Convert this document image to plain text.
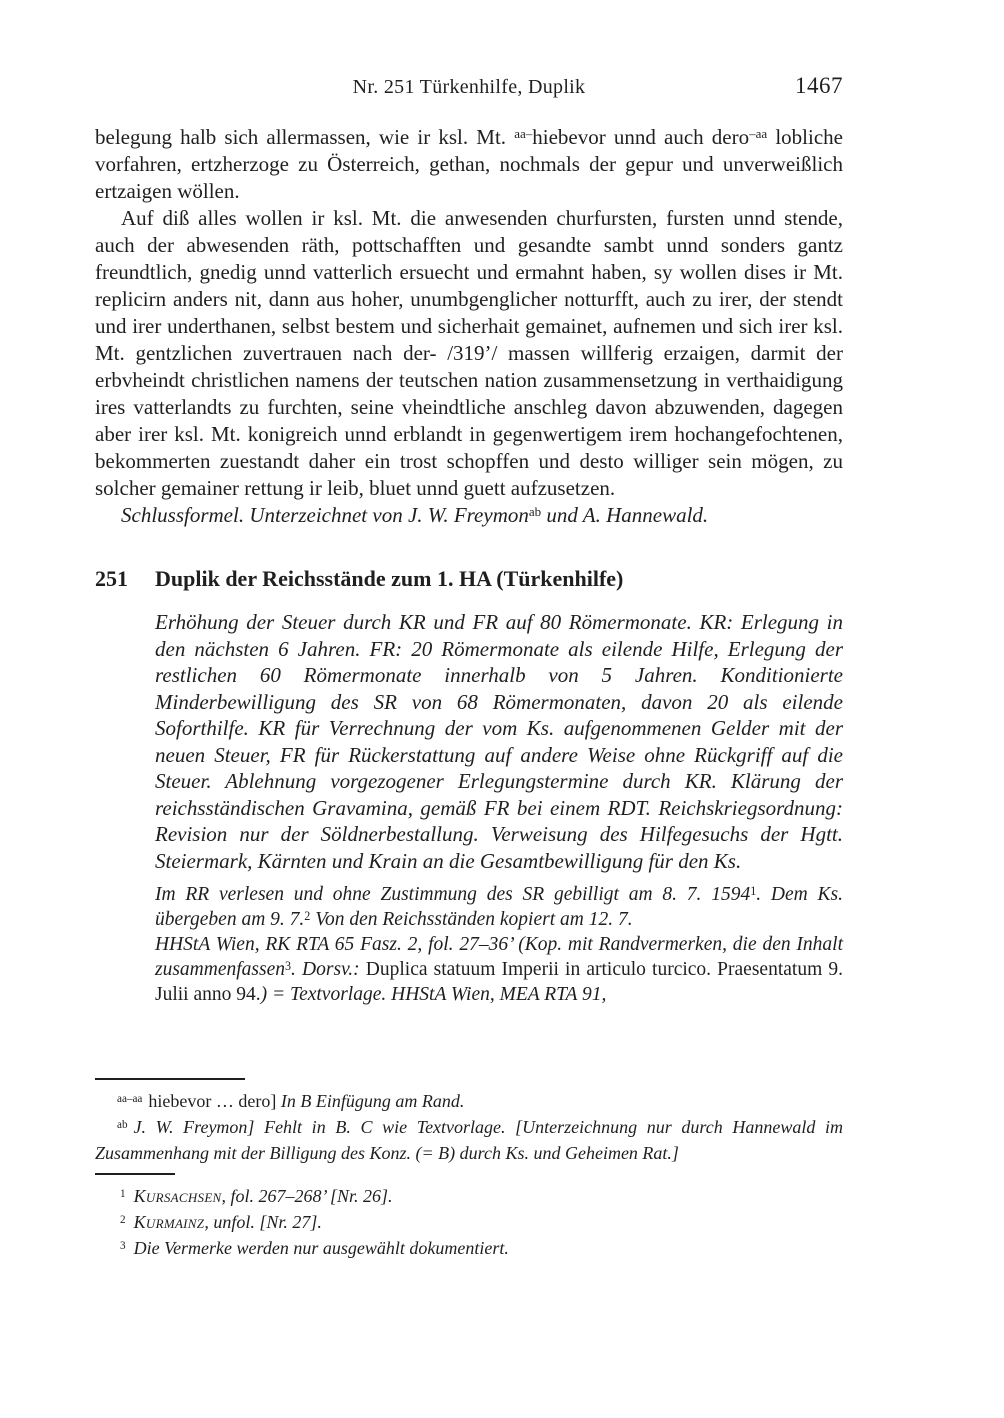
Nr. 251 Türkenhilfe, Duplik	1467

belegung halb sich allermassen, wie ir ksl. Mt. $^{aa-}$hiebevor unnd auch dero$^{-aa}$ lobliche vorfahren, ertzherzoge zu Österreich, gethan, nochmals der gepur und unverweißlich ertzaigen wöllen.

Auf diß alles wollen ir ksl. Mt. die anwesenden churfursten, fursten unnd stende, auch der abwesenden räth, pottschafften und gesandte sambt unnd sonders gantz freundtlich, gnedig unnd vatterlich ersuecht und ermahnt haben, sy wollen dises ir Mt. replicirn anders nit, dann aus hoher, unumbgenglicher notturfft, auch zu irer, der stendt und irer underthanen, selbst bestem und sicherhait gemainet, aufnemen und sich irer ksl. Mt. gentzlichen zuvertrauen nach der- /319’/ massen willferig erzaigen, darmit der erbvheindt christlichen namens der teutschen nation zusammensetzung in verthaidigung ires vatterlandts zu furchten, seine vheindtliche anschleg davon abzuwenden, dagegen aber irer ksl. Mt. konigreich unnd erblandt in gegenwertigem irem hochangefochtenen, bekommerten zuestandt daher ein trost schopffen und desto williger sein mögen, zu solcher gemainer rettung ir leib, bluet unnd guett aufzusetzen.

Schlussformel. Unterzeichnet von J. W. Freymon$^{ab}$ und A. Hannewald.

251	Duplik der Reichsstände zum 1. HA (Türkenhilfe)

Erhöhung der Steuer durch KR und FR auf 80 Römermonate. KR: Erlegung in den nächsten 6 Jahren. FR: 20 Römermonate als eilende Hilfe, Erlegung der restlichen 60 Römermonate innerhalb von 5 Jahren. Konditionierte Minderbewilligung des SR von 68 Römermonaten, davon 20 als eilende Soforthilfe. KR für Verrechnung der vom Ks. aufgenommenen Gelder mit der neuen Steuer, FR für Rückerstattung auf andere Weise ohne Rückgriff auf die Steuer. Ablehnung vorgezogener Erlegungstermine durch KR. Klärung der reichsständischen Gravamina, gemäß FR bei einem RDT. Reichskriegsordnung: Revision nur der Söldnerbestallung. Verweisung des Hilfegesuchs der Hgtt. Steiermark, Kärnten und Krain an die Gesamtbewilligung für den Ks.

Im RR verlesen und ohne Zustimmung des SR gebilligt am 8. 7. 1594$^1$. Dem Ks. übergeben am 9. 7.$^2$ Von den Reichsständen kopiert am 12. 7.

HHStA Wien, RK RTA 65 Fasz. 2, fol. 27–36’ (Kop. mit Randvermerken, die den Inhalt zusammenfassen$^3$. Dorsv.: Duplica statuum Imperii in articulo turcico. Praesentatum 9. Julii anno 94.) = Textvorlage. HHStA Wien, MEA RTA 91,

$^{aa-aa}$ hiebevor … dero] In B Einfügung am Rand.

$^{ab}$ J. W. Freymon] Fehlt in B. C wie Textvorlage. [Unterzeichnung nur durch Hannewald im Zusammenhang mit der Billigung des Konz. (= B) durch Ks. und Geheimen Rat.]

$^1$ Kursachsen, fol. 267–268’ [Nr. 26].

$^2$ Kurmainz, unfol. [Nr. 27].

$^3$ Die Vermerke werden nur ausgewählt dokumentiert.
